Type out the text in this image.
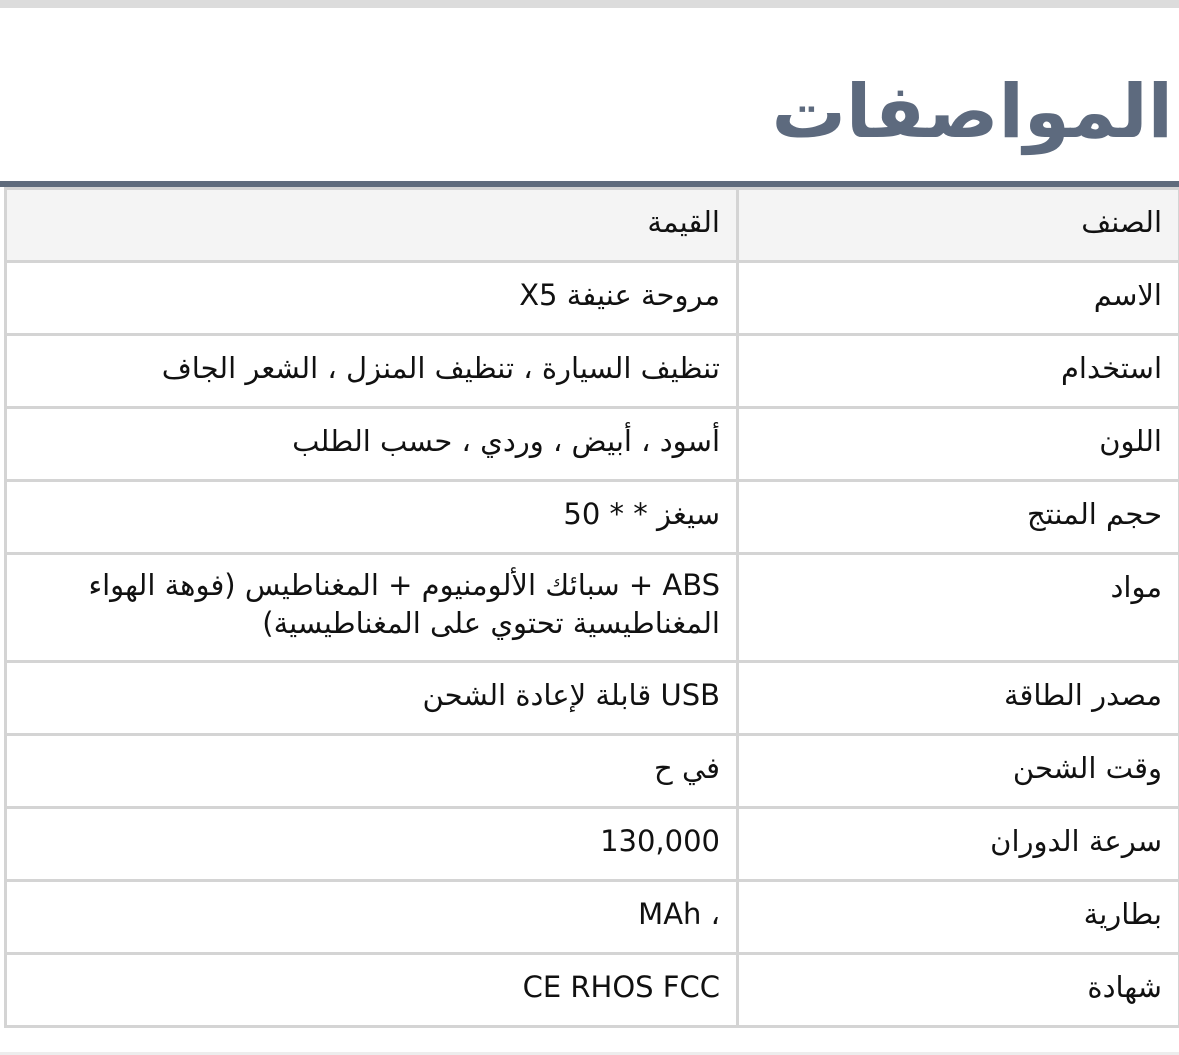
المواصفات
الصنف	القيمة
الاسم	مروحة عنيفة X5
استخدام	تنظيف السيارة ، تنظيف المنزل ، الشعر الجاف
اللون	أسود ، أبيض ، وردي ، حسب الطلب
حجم المنتج	سيغز * * 50
مواد	ABS + سبائك الألومنيوم + المغناطيس (فوهة الهواء المغناطيسية تحتوي على المغناطيسية)
مصدر الطاقة	USB قابلة لإعادة الشحن
وقت الشحن	في ح
سرعة الدوران	130,000
بطارية	، MAh
شهادة	CE RHOS FCC
